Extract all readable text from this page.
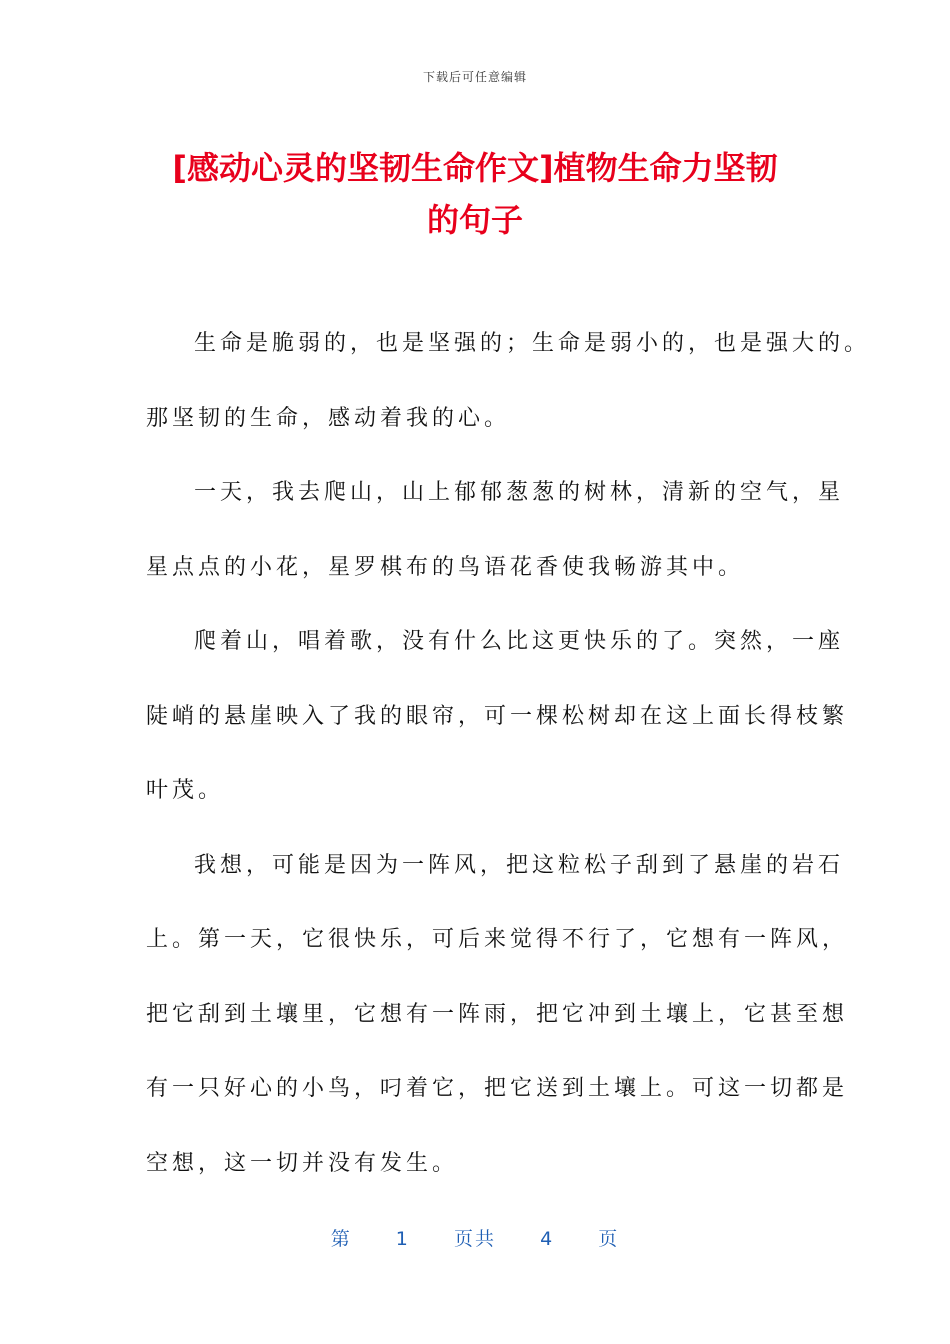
下载后可任意编辑
[感动心灵的坚韧生命作文]植物生命力坚韧
的句子
生命是脆弱的，也是坚强的；生命是弱小的，也是强大的。
那坚韧的生命，感动着我的心。
一天，我去爬山，山上郁郁葱葱的树林，清新的空气，星
星点点的小花，星罗棋布的鸟语花香使我畅游其中。
爬着山，唱着歌，没有什么比这更快乐的了。突然，一座
陡峭的悬崖映入了我的眼帘，可一棵松树却在这上面长得枝繁
叶茂。
我想，可能是因为一阵风，把这粒松子刮到了悬崖的岩石
上。第一天，它很快乐，可后来觉得不行了，它想有一阵风，
把它刮到土壤里，它想有一阵雨，把它冲到土壤上，它甚至想
有一只好心的小鸟，叼着它，把它送到土壤上。可这一切都是
空想，这一切并没有发生。
第 1 页共 4 页
